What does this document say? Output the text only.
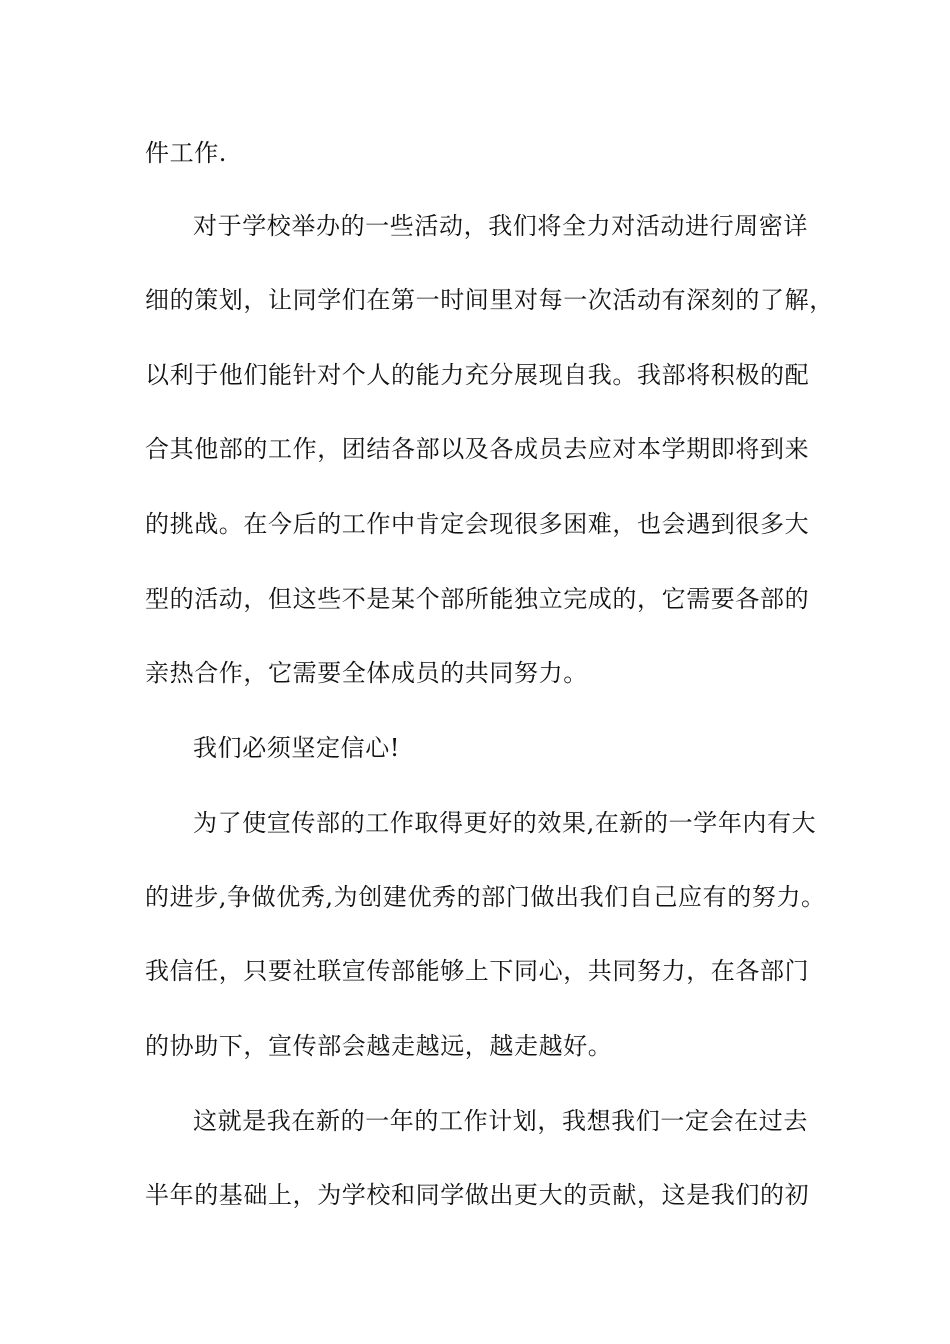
件工作.
对于学校举办的一些活动，我们将全力对活动进行周密详
细的策划，让同学们在第一时间里对每一次活动有深刻的了解，
以利于他们能针对个人的能力充分展现自我。我部将积极的配
合其他部的工作，团结各部以及各成员去应对本学期即将到来
的挑战。在今后的工作中肯定会现很多困难，也会遇到很多大
型的活动，但这些不是某个部所能独立完成的，它需要各部的
亲热合作，它需要全体成员的共同努力。
我们必须坚定信心!
为了使宣传部的工作取得更好的效果,在新的一学年内有大
的进步,争做优秀,为创建优秀的部门做出我们自己应有的努力。
我信任，只要社联宣传部能够上下同心，共同努力，在各部门
的协助下，宣传部会越走越远，越走越好。
这就是我在新的一年的工作计划，我想我们一定会在过去
半年的基础上，为学校和同学做出更大的贡献，这是我们的初
